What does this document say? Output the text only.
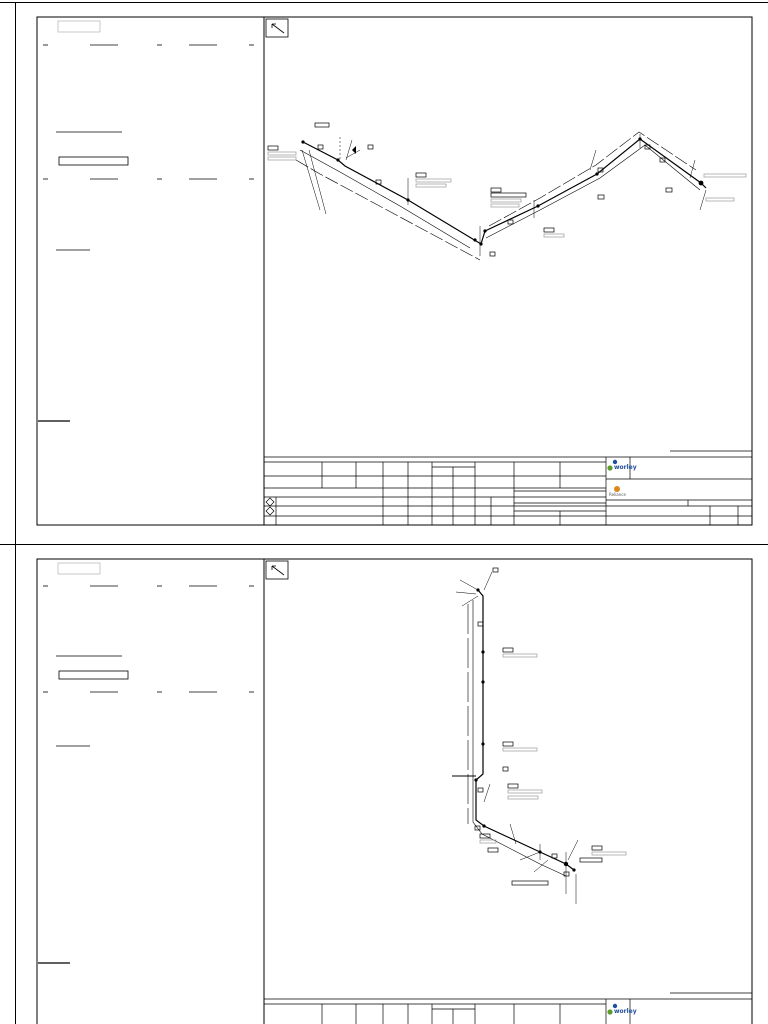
worley
Reliance
worley
